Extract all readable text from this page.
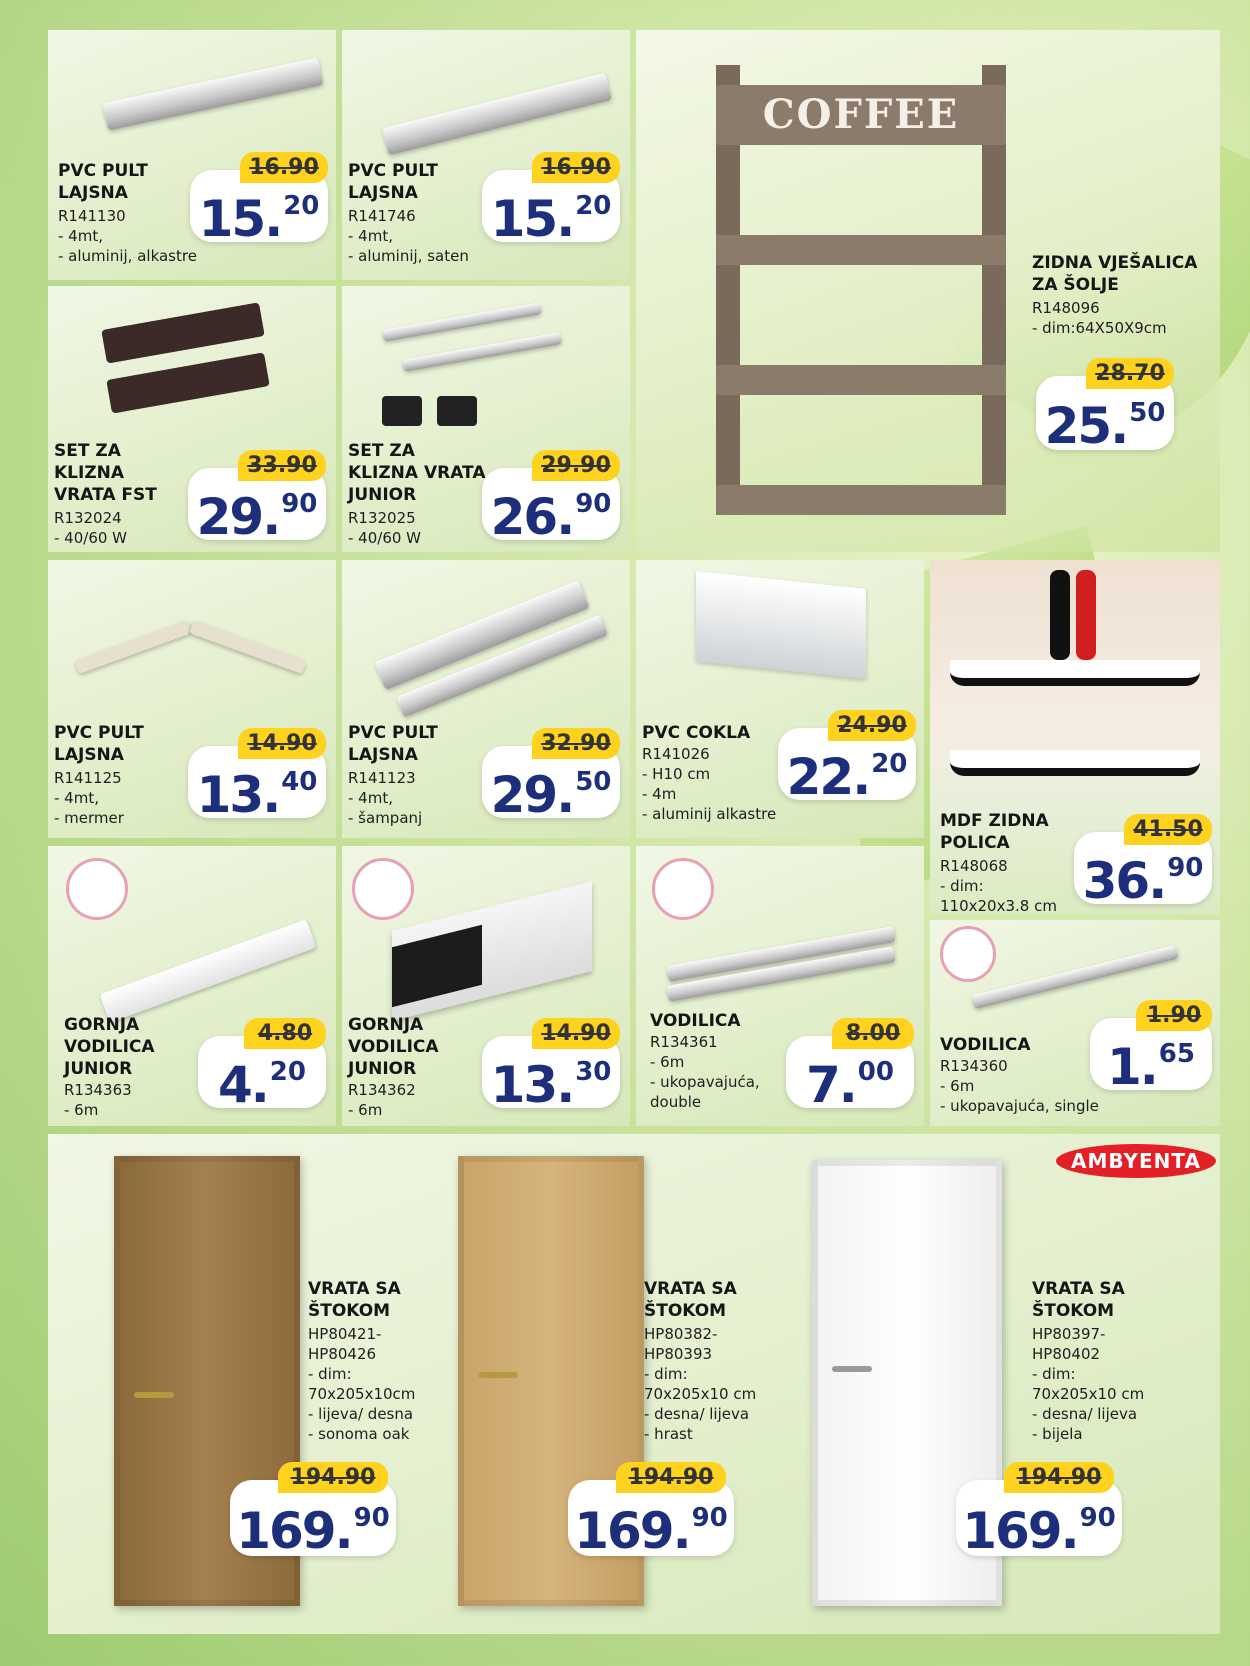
PVC PULT
LAJSNA
R141130
- 4mt,
- aluminij, alkastre
16.90
15.20
PVC PULT
LAJSNA
R141746
- 4mt,
- aluminij, saten
16.90
15.20
COFFEE
ZIDNA VJEŠALICA
ZA ŠOLJE
R148096
- dim:64X50X9cm
28.70
25.50
SET ZA
KLIZNA
VRATA FST
R132024
- 40/60 W
33.90
29.90
SET ZA
KLIZNA VRATA
JUNIOR
R132025
- 40/60 W
29.90
26.90
PVC PULT
LAJSNA
R141125
- 4mt,
- mermer
14.90
13.40
PVC PULT
LAJSNA
R141123
- 4mt,
- šampanj
32.90
29.50
PVC COKLA
R141026
- H10 cm
- 4m
- aluminij alkastre
24.90
22.20
MDF ZIDNA
POLICA
R148068
- dim:
110x20x3.8 cm
41.50
36.90
GORNJA
VODILICA
JUNIOR
R134363
- 6m
4.80
4.20
GORNJA
VODILICA
JUNIOR
R134362
- 6m
14.90
13.30
VODILICA
R134361
- 6m
- ukopavajuća,
double
8.00
7.00
VODILICA
R134360
- 6m
- ukopavajuća, single
1.90
1.65
AMBYENTA
VRATA SA
ŠTOKOM
HP80421-
HP80426
- dim:
70x205x10cm
- lijeva/ desna
- sonoma oak
VRATA SA
ŠTOKOM
HP80382-
HP80393
- dim:
70x205x10 cm
- desna/ lijeva
- hrast
VRATA SA
ŠTOKOM
HP80397-
HP80402
- dim:
70x205x10 cm
- desna/ lijeva
- bijela
194.90
169.90
194.90
169.90
194.90
169.90
